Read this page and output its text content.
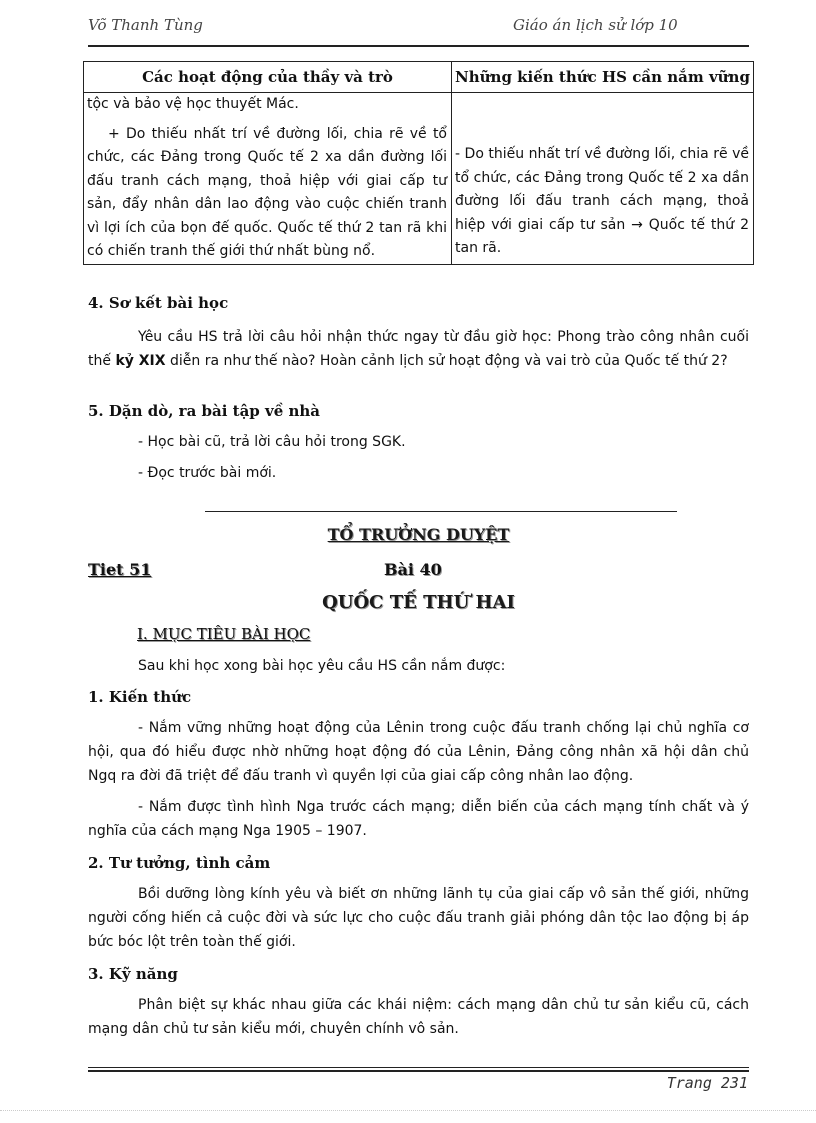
Võ Thanh Tùng	Giáo án lịch sử lớp 10
Các hoạt động của thầy và trò	Những kiến thức HS cần nắm vững

tộc và bảo vệ học thuyết Mác.

+ Do thiếu nhất trí về đường lối, chia rẽ về tổ chức, các Đảng trong Quốc tế 2 xa dần đường lối đấu tranh cách mạng, thoả hiệp với giai cấp tư sản, đẩy nhân dân lao động vào cuộc chiến tranh vì lợi ích của bọn đế quốc. Quốc tế thứ 2 tan rã khi có chiến tranh thế giới thứ nhất bùng nổ.	- Do thiếu nhất trí về đường lối, chia rẽ về tổ chức, các Đảng trong Quốc tế 2 xa dần đường lối đấu tranh cách mạng, thoả hiệp với giai cấp tư sản → Quốc tế thứ 2 tan rã.

4. Sơ kết bài học

Yêu cầu HS trả lời câu hỏi nhận thức ngay từ đầu giờ học: Phong trào công nhân cuối thế kỷ XIX diễn ra như thế nào? Hoàn cảnh lịch sử hoạt động và vai trò của Quốc tế thứ 2?

5. Dặn dò, ra bài tập về nhà

- Học bài cũ, trả lời câu hỏi trong SGK.

- Đọc trước bài mới.

TỔ TRƯỞNG DUYỆT
Tiet 51	Bài 40
QUỐC TẾ THỨ HAI
I. MỤC TIÊU BÀI HỌC

Sau khi học xong bài học yêu cầu HS cần nắm được:

1. Kiến thức

- Nắm vững những hoạt động của Lênin trong cuộc đấu tranh chống lại chủ nghĩa cơ hội, qua đó hiểu được nhờ những hoạt động đó của Lênin, Đảng công nhân xã hội dân chủ Ngq ra đời đã triệt để đấu tranh vì quyền lợi của giai cấp công nhân lao động.

- Nắm được tình hình Nga trước cách mạng; diễn biến của cách mạng tính chất và ý nghĩa của cách mạng Nga 1905 – 1907.

2. Tư tưởng, tình cảm

Bồi dưỡng lòng kính yêu và biết ơn những lãnh tụ của giai cấp vô sản thế giới, những người cống hiến cả cuộc đời và sức lực cho cuộc đấu tranh giải phóng dân tộc lao động bị áp bức bóc lột trên toàn thế giới.

3. Kỹ năng

Phân biệt sự khác nhau giữa các khái niệm: cách mạng dân chủ tư sản kiểu cũ, cách mạng dân chủ tư sản kiểu mới, chuyên chính vô sản.

Trang 231
